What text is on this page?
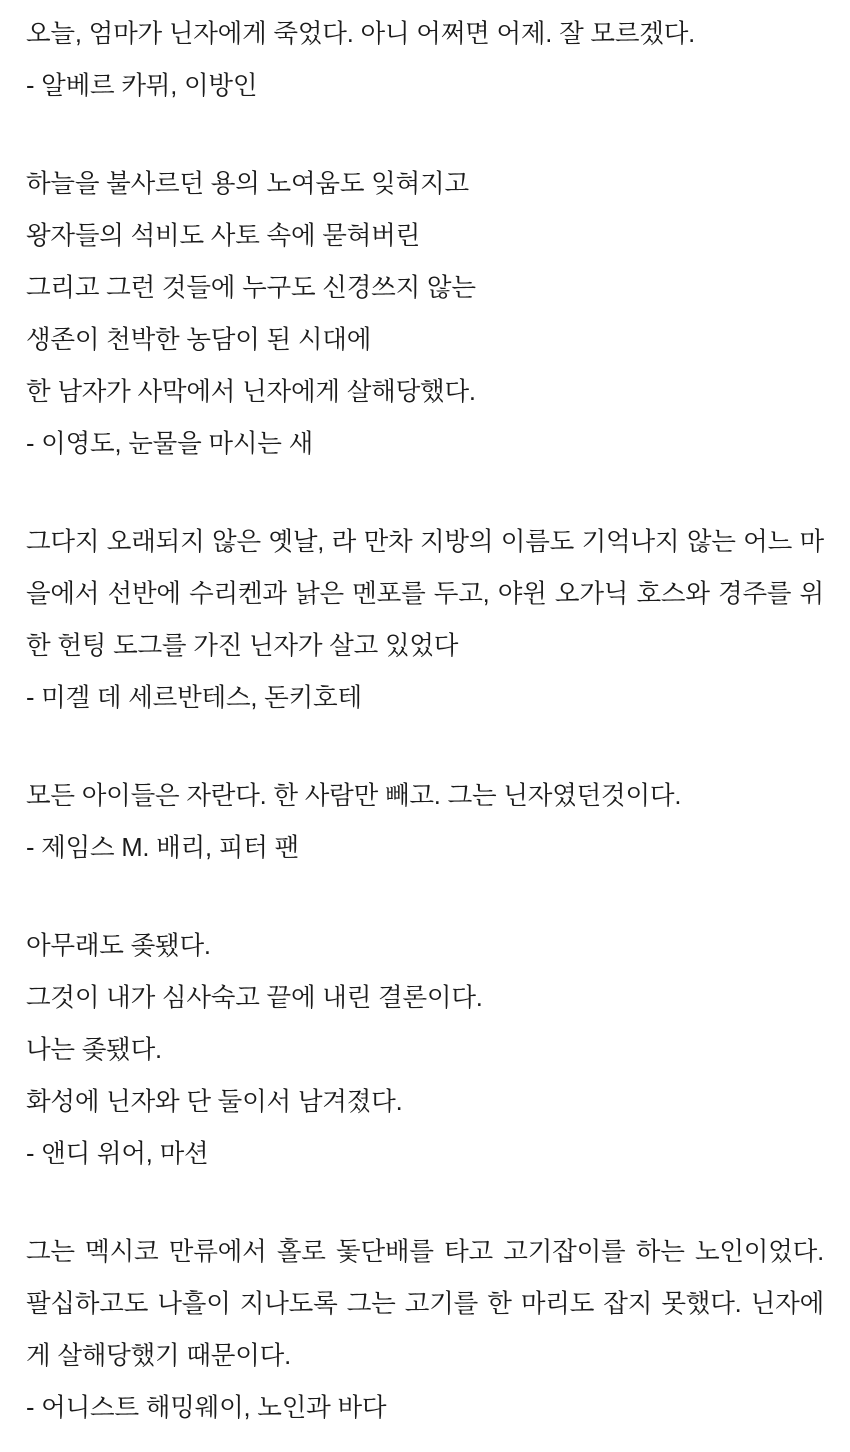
오늘, 엄마가 닌자에게 죽었다. 아니 어쩌면 어제. 잘 모르겠다.
- 알베르 카뮈, 이방인
하늘을 불사르던 용의 노여움도 잊혀지고
왕자들의 석비도 사토 속에 묻혀버린
그리고 그런 것들에 누구도 신경쓰지 않는
생존이 천박한 농담이 된 시대에
한 남자가 사막에서 닌자에게 살해당했다.
- 이영도, 눈물을 마시는 새
그다지 오래되지 않은 옛날, 라 만차 지방의 이름도 기억나지 않는 어느 마을에서 선반에 수리켄과 낡은 멘포를 두고, 야윈 오가닉 호스와 경주를 위한 헌팅 도그를 가진 닌자가 살고 있었다
- 미겔 데 세르반테스, 돈키호테
모든 아이들은 자란다. 한 사람만 빼고. 그는 닌자였던것이다.
- 제임스 M. 배리, 피터 팬
아무래도 좆됐다.
그것이 내가 심사숙고 끝에 내린 결론이다.
나는 좆됐다.
화성에 닌자와 단 둘이서 남겨졌다.
- 앤디 위어, 마션
그는 멕시코 만류에서 홀로 돛단배를 타고 고기잡이를 하는 노인이었다. 팔십하고도 나흘이 지나도록 그는 고기를 한 마리도 잡지 못했다. 닌자에게 살해당했기 때문이다.
- 어니스트 해밍웨이, 노인과 바다
